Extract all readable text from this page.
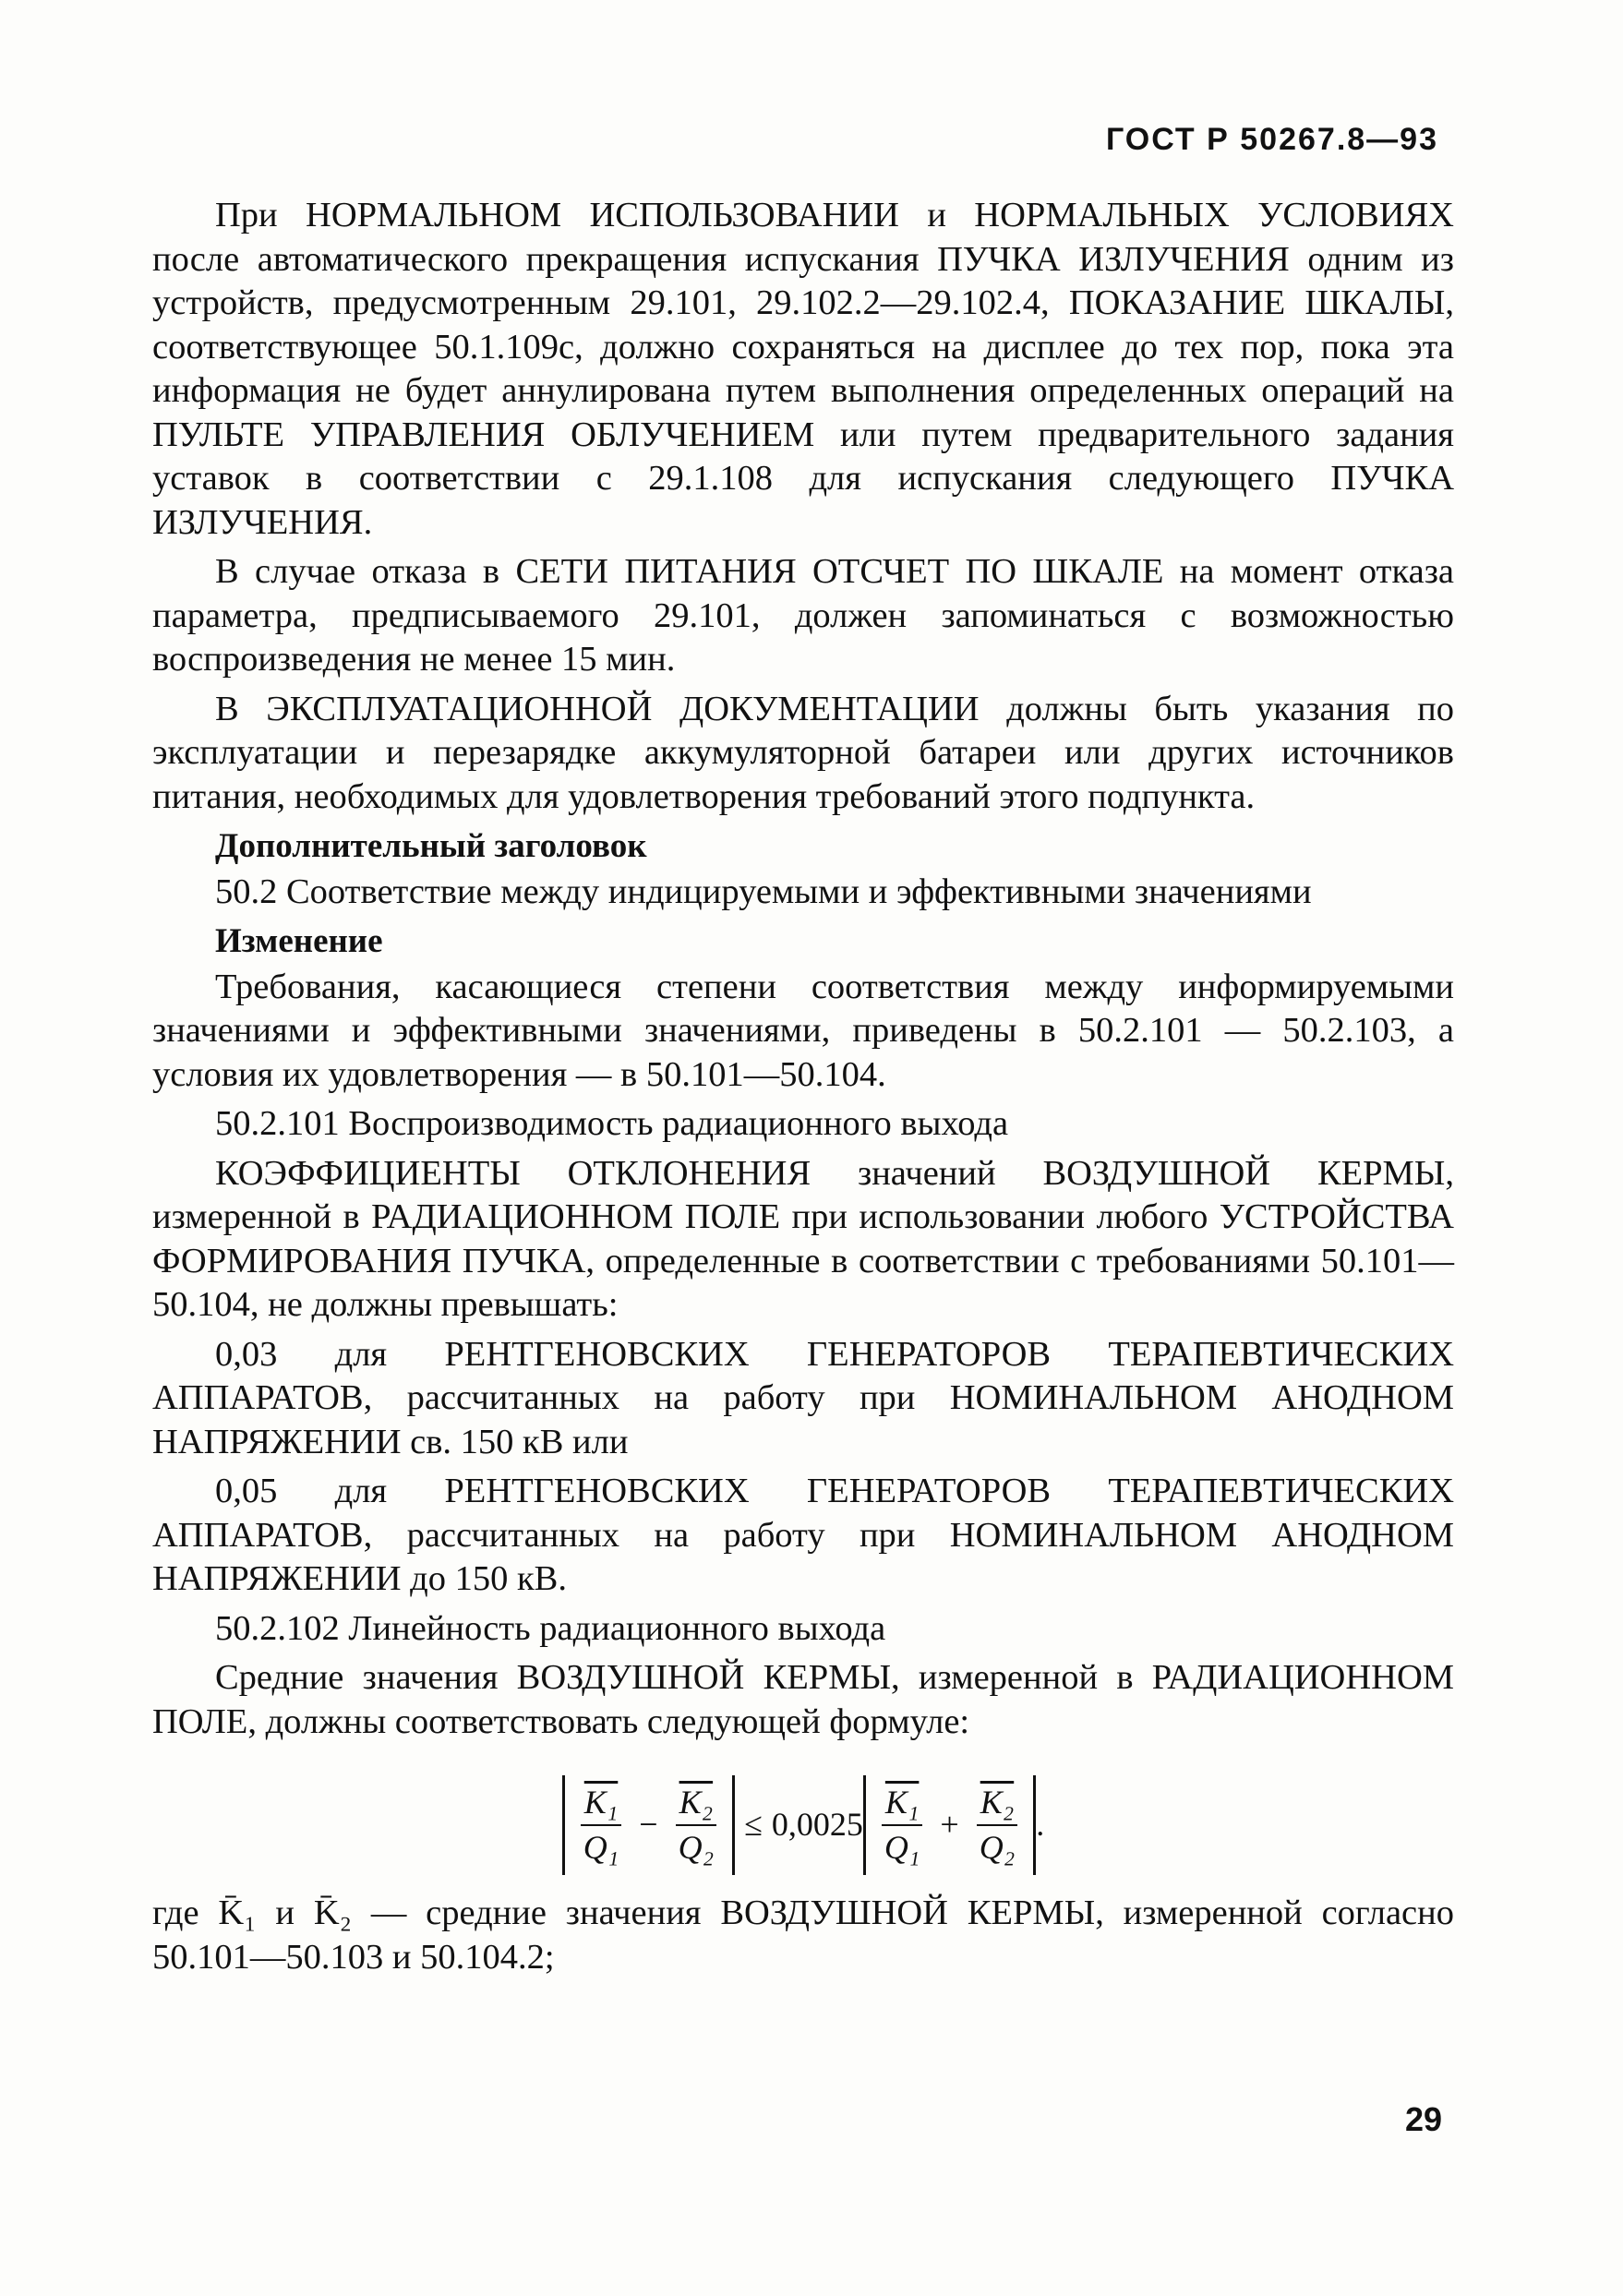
ГОСТ Р 50267.8—93

При НОРМАЛЬНОМ ИСПОЛЬЗОВАНИИ и НОРМАЛЬНЫХ УСЛОВИЯХ после автоматического прекращения испускания ПУЧКА ИЗЛУЧЕНИЯ одним из устройств, предусмотренным 29.101, 29.102.2—29.102.4, ПОКАЗАНИЕ ШКАЛЫ, соответствующее 50.1.109с, должно сохраняться на дисплее до тех пор, пока эта информация не будет аннулирована путем выполнения определенных операций на ПУЛЬТЕ УПРАВЛЕНИЯ ОБЛУЧЕНИЕМ или путем предварительного задания уставок в соответствии с 29.1.108 для испускания следующего ПУЧКА ИЗЛУЧЕНИЯ.

В случае отказа в СЕТИ ПИТАНИЯ ОТСЧЕТ ПО ШКАЛЕ на момент отказа параметра, предписываемого 29.101, должен запоминаться с возможностью воспроизведения не менее 15 мин.

В ЭКСПЛУАТАЦИОННОЙ ДОКУМЕНТАЦИИ должны быть указания по эксплуатации и перезарядке аккумуляторной батареи или других источников питания, необходимых для удовлетворения требований этого подпункта.

Дополнительный заголовок

50.2 Соответствие между индицируемыми и эффективными значениями

Изменение

Требования, касающиеся степени соответствия между информируемыми значениями и эффективными значениями, приведены в 50.2.101 — 50.2.103, а условия их удовлетворения — в 50.101—50.104.

50.2.101 Воспроизводимость радиационного выхода

КОЭФФИЦИЕНТЫ ОТКЛОНЕНИЯ значений ВОЗДУШНОЙ КЕРМЫ, измеренной в РАДИАЦИОННОМ ПОЛЕ при использовании любого УСТРОЙСТВА ФОРМИРОВАНИЯ ПУЧКА, определенные в соответствии с требованиями 50.101—50.104, не должны превышать:

0,03 для РЕНТГЕНОВСКИХ ГЕНЕРАТОРОВ ТЕРАПЕВТИЧЕСКИХ АППАРАТОВ, рассчитанных на работу при НОМИНАЛЬНОМ АНОДНОМ НАПРЯЖЕНИИ св. 150 кВ или

0,05 для РЕНТГЕНОВСКИХ ГЕНЕРАТОРОВ ТЕРАПЕВТИЧЕСКИХ АППАРАТОВ, рассчитанных на работу при НОМИНАЛЬНОМ АНОДНОМ НАПРЯЖЕНИИ до 150 кВ.

50.2.102 Линейность радиационного выхода

Средние значения ВОЗДУШНОЙ КЕРМЫ, измеренной в РАДИАЦИОННОМ ПОЛЕ, должны соответствовать следующей формуле:

$\frac{\text{K₁}}{\text{Q₁}} - \frac{\text{K₂}}{\text{Q₂}} \le 0,0025 \frac{\text{K₁}}{\text{Q₁}} + \frac{\text{K₂}}{\text{Q₂}}$ .

где K̄₁ и K̄₂ — средние значения ВОЗДУШНОЙ КЕРМЫ, измеренной согласно 50.101—50.103 и 50.104.2;

29
